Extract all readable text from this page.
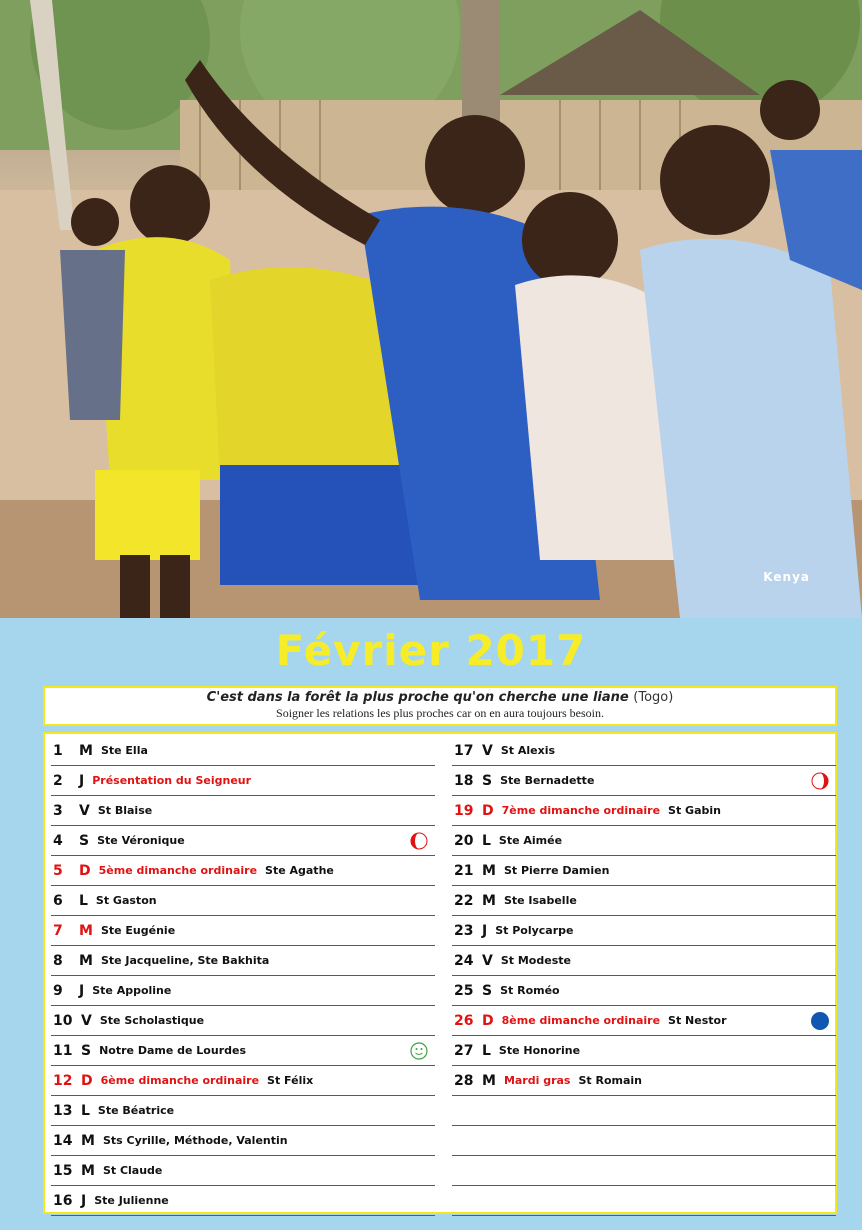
Kenya
Février 2017
C'est dans la forêt la plus proche qu'on cherche une liane (Togo)
Soigner les relations les plus proches car on en aura toujours besoin.
1	M Ste Ella
2	J Présentation du Seigneur
3	V St Blaise
4	S Ste Véronique
5	D 5ème dimanche ordinaire Ste Agathe
6	L St Gaston
7	M Ste Eugénie
8	M Ste Jacqueline, Ste Bakhita
9	J Ste Appoline
10 V Ste Scholastique
11 S Notre Dame de Lourdes
12 D 6ème dimanche ordinaire St Félix
13 L Ste Béatrice
14 M Sts Cyrille, Méthode, Valentin
15 M St Claude
16 J Ste Julienne
17 V St Alexis
18 S Ste Bernadette
19 D 7ème dimanche ordinaire St Gabin
20 L Ste Aimée
21 M St Pierre Damien
22 M Ste Isabelle
23 J St Polycarpe
24 V St Modeste
25 S St Roméo
26 D 8ème dimanche ordinaire St Nestor
27 L Ste Honorine
28 M Mardi gras St Romain
